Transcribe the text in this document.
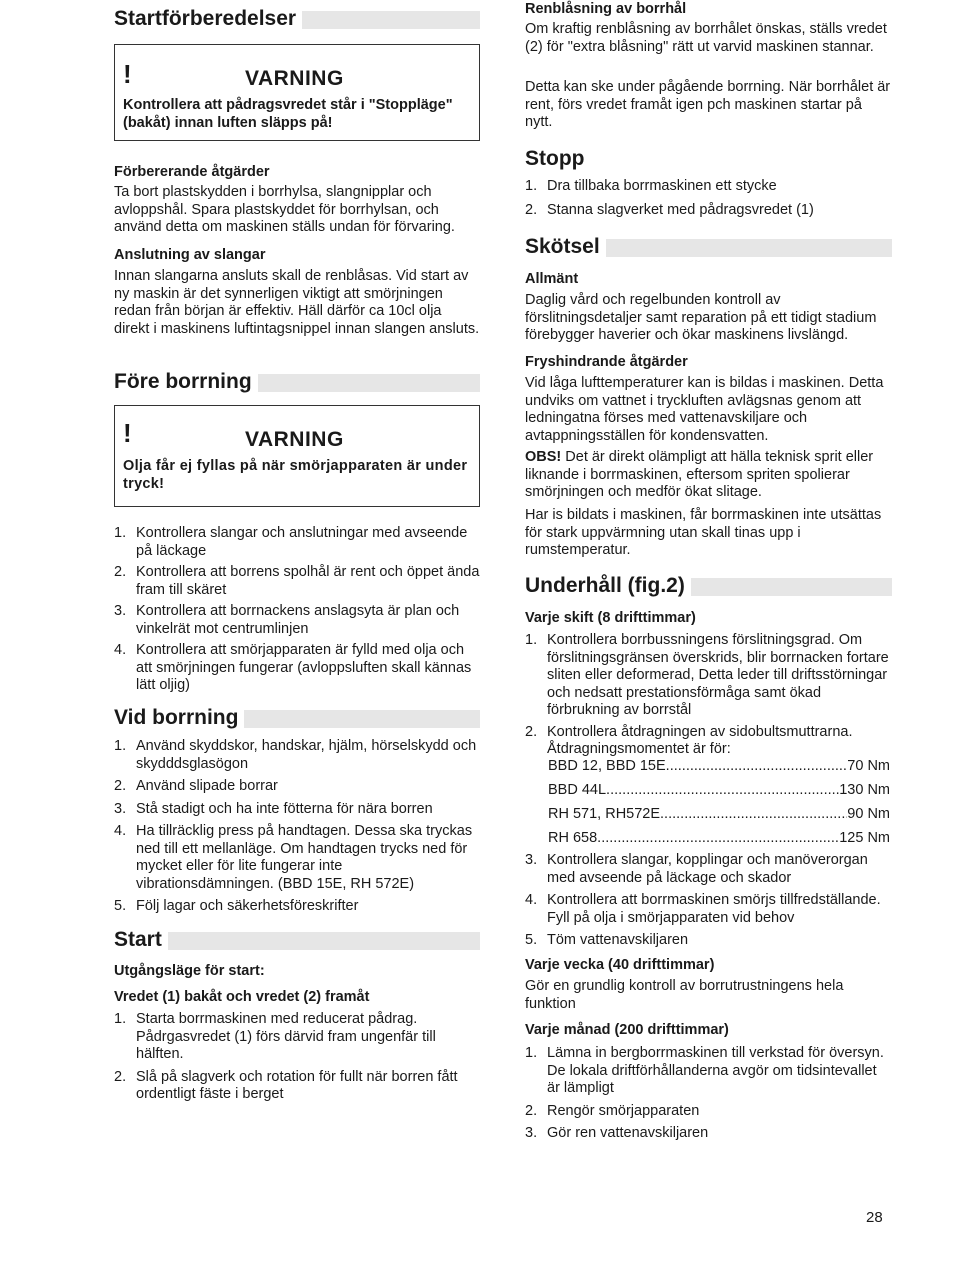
Startförberedelser
!	VARNING
Kontrollera att pådragsvredet står i "Stoppläge" (bakåt) innan luften släpps på!
Förbererande åtgärder
Ta bort plastskydden i borrhylsa, slangnipplar och avloppshål. Spara plastskyddet för borrhylsan, och använd detta om maskinen ställs undan för förvaring.
Anslutning av slangar
Innan slangarna ansluts skall de renblåsas. Vid start av ny maskin är det synnerligen viktigt att smörjningen redan från början är effektiv. Häll därför ca 10cl olja direkt i maskinens luftintagsnippel innan slangen ansluts.
Före borrning
!	VARNING
Olja får ej fyllas på när smörjapparaten är under tryck!
1. Kontrollera slangar och anslutningar med avseende på läckage
2. Kontrollera att borrens spolhål är rent och öppet ända fram till skäret
3. Kontrollera att borrnackens anslagsyta är plan och vinkelrät mot centrumlinjen
4. Kontrollera att smörjapparaten är fylld med olja och att smörjningen fungerar (avloppsluften skall kännas lätt oljig)
Vid borrning
1. Använd skyddskor, handskar, hjälm, hörselskydd och skydddsglasögon
2. Använd slipade borrar
3. Stå stadigt och ha inte fötterna för nära borren
4. Ha tillräcklig press på handtagen. Dessa ska tryckas ned till ett mellanläge. Om handtagen trycks ned för mycket eller för lite fungerar inte vibrationsdämningen. (BBD 15E, RH 572E)
5. Följ lagar och säkerhetsföreskrifter
Start
Utgångsläge för start:
Vredet (1) bakåt och vredet (2) framåt
1. Starta borrmaskinen med reducerat pådrag. Pådrgasvredet (1) förs därvid fram ungenfär till hälften.
2. Slå på slagverk och rotation för fullt när borren fått ordentligt fäste i berget
Renblåsning av borrhål
Om kraftig renblåsning av borrhålet önskas, ställs vredet (2) för "extra blåsning" rätt ut varvid maskinen stannar.
Detta kan ske under pågående borrning. När borrhålet är rent, förs vredet framåt igen pch maskinen startar på nytt.
Stopp
1. Dra tillbaka borrmaskinen ett stycke
2. Stanna slagverket med pådragsvredet (1)
Skötsel
Allmänt
Daglig vård och regelbunden kontroll av förslitningsdetaljer samt reparation på ett tidigt stadium förebygger haverier och ökar maskinens livslängd.
Fryshindrande åtgärder
Vid låga lufttemperaturer kan is bildas i maskinen. Detta undviks om vattnet i tryckluften avlägsnas genom att ledningatna förses med vattenavskiljare och avtappningsställen för kondensvatten.
OBS! Det är direkt olämpligt att hälla teknisk sprit eller liknande i borrmaskinen, eftersom spriten spolierar smörjningen och medför ökat slitage.
Har is bildats i maskinen, får borrmaskinen inte utsättas för stark uppvärmning utan skall tinas upp i rumstemperatur.
Underhåll (fig.2)
Varje skift (8 drifttimmar)
1. Kontrollera borrbussningens förslitningsgrad. Om förslitningsgränsen överskrids, blir borrnacken fortare sliten eller deformerad, Detta leder till driftsstörningar och nedsatt prestationsförmåga samt ökad förbrukning av borrstål
2. Kontrollera åtdragningen av sidobultsmuttrarna. Åtdragningsmomentet är för:
BBD 12, BBD 15E .....	70 Nm
BBD 44L .....	130 Nm
RH 571, RH572E .....	90 Nm
RH 658 .....	125 Nm
3. Kontrollera slangar, kopplingar och manöverorgan med avseende på läckage och skador
4. Kontrollera att borrmaskinen smörjs tillfredställande. Fyll på olja i smörjapparaten vid behov
5. Töm vattenavskiljaren
Varje vecka (40 drifttimmar)
Gör en grundlig kontroll av borrutrustningens hela funktion
Varje månad (200 drifttimmar)
1. Lämna in bergborrmaskinen till verkstad för översyn. De lokala driftförhållanderna avgör om tidsintevallet är lämpligt
2. Rengör smörjapparaten
3. Gör ren vattenavskiljaren
28
